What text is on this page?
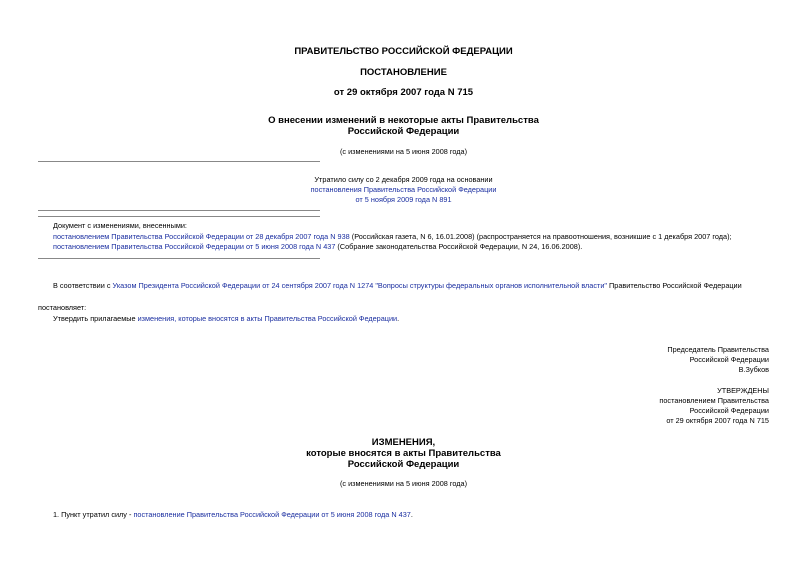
ПРАВИТЕЛЬСТВО РОССИЙСКОЙ ФЕДЕРАЦИИ
ПОСТАНОВЛЕНИЕ
от 29 октября 2007 года N 715
О внесении изменений в некоторые акты Правительства
Российской Федерации
(с изменениями на 5 июня 2008 года)
Утратило силу со 2 декабря 2009 года на основании
постановления Правительства Российской Федерации
от 5 ноября 2009 года N 891
Документ с изменениями, внесенными:
постановлением Правительства Российской Федерации от 28 декабря 2007 года N 938 (Российская газета, N 6, 16.01.2008) (распространяется на правоотношения, возникшие с 1 декабря 2007 года);
постановлением Правительства Российской Федерации от 5 июня 2008 года N 437 (Собрание законодательства Российской Федерации, N 24, 16.06.2008).
В соответствии с Указом Президента Российской Федерации от 24 сентября 2007 года N 1274 "Вопросы структуры федеральных органов исполнительной власти" Правительство Российской Федерации
постановляет:
Утвердить прилагаемые изменения, которые вносятся в акты Правительства Российской Федерации.
Председатель Правительства
Российской Федерации
В.Зубков
УТВЕРЖДЕНЫ
постановлением Правительства
Российской Федерации
от 29 октября 2007 года N 715
ИЗМЕНЕНИЯ,
которые вносятся в акты Правительства
Российской Федерации
(с изменениями на 5 июня 2008 года)
1. Пункт утратил силу - постановление Правительства Российской Федерации от 5 июня 2008 года N 437.
